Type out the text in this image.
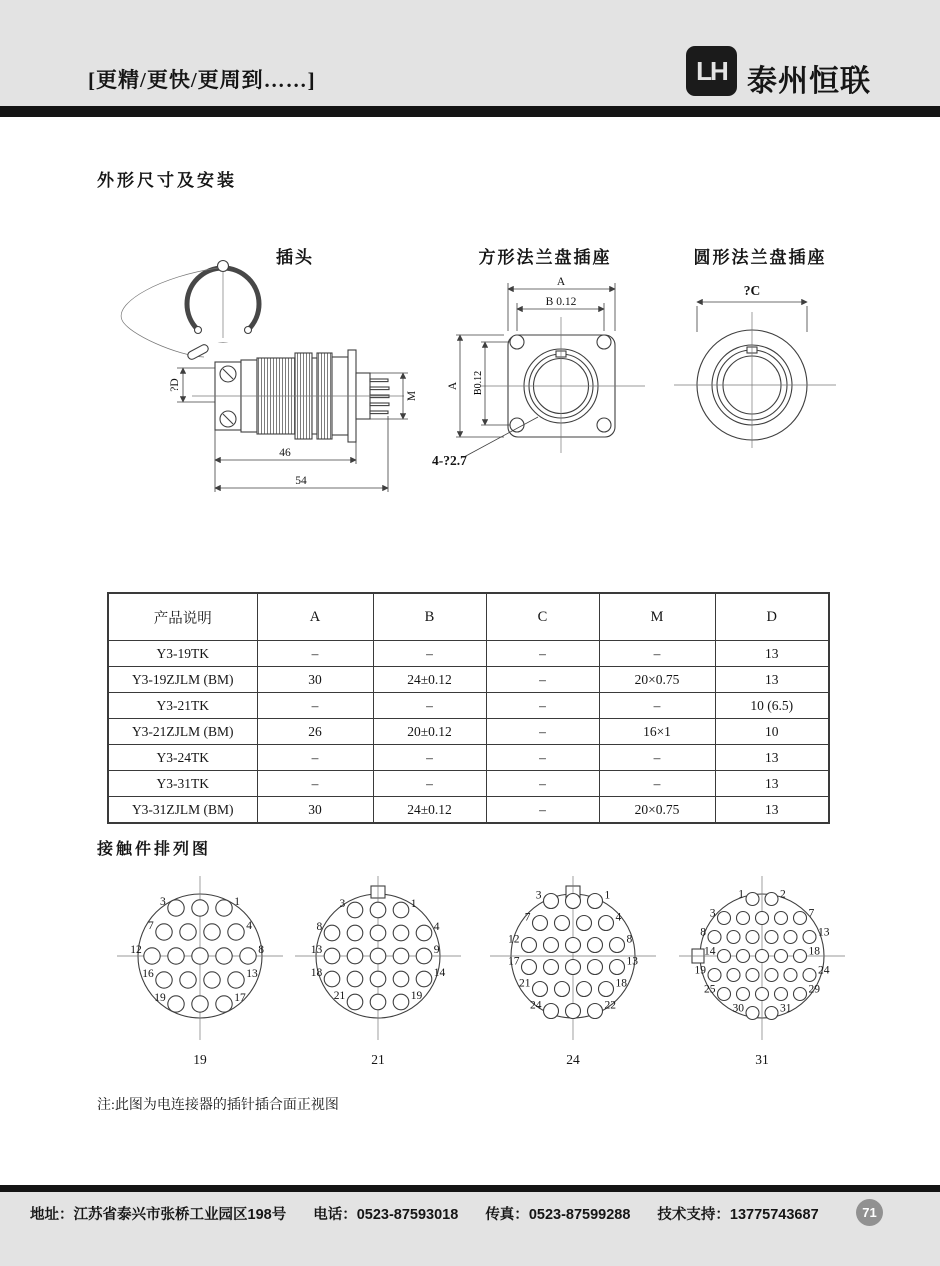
[更精/更快/更周到……]	LH 泰州恒联
外形尺寸及安装
插头	方形法兰盘插座	圆形法兰盘插座
?D
M
46
54
A
B 0.12
A B0.12
4-?2.7
?C
产品说明	A	B	C	M	D
Y3-19TK	–	–	–	–	13
Y3-19ZJLM (BM)	30	24±0.12	–	20×0.75	13
Y3-21TK	–	–	–	–	10 (6.5)
Y3-21ZJLM (BM)	26	20±0.12	–	16×1	10
Y3-24TK	–	–	–	–	13
Y3-31TK	–	–	–	–	13
Y3-31ZJLM (BM)	30	24±0.12	–	20×0.75	13
接触件排列图
3	1
7	4
12	8
16	13
19	17
19
3	1
8	4
13	9
18	14
21	19
21
3	1
7	4
12	8
17	13
21	18
24	22
24
1	2
3	7
8	13
14	18
19	24
25	29
30	31
31
注:此图为电连接器的插针插合面正视图
地址：江苏省泰兴市张桥工业园区198号 电话：0523-87593018 传真：0523-87599288 技术支持：13775743687	71
